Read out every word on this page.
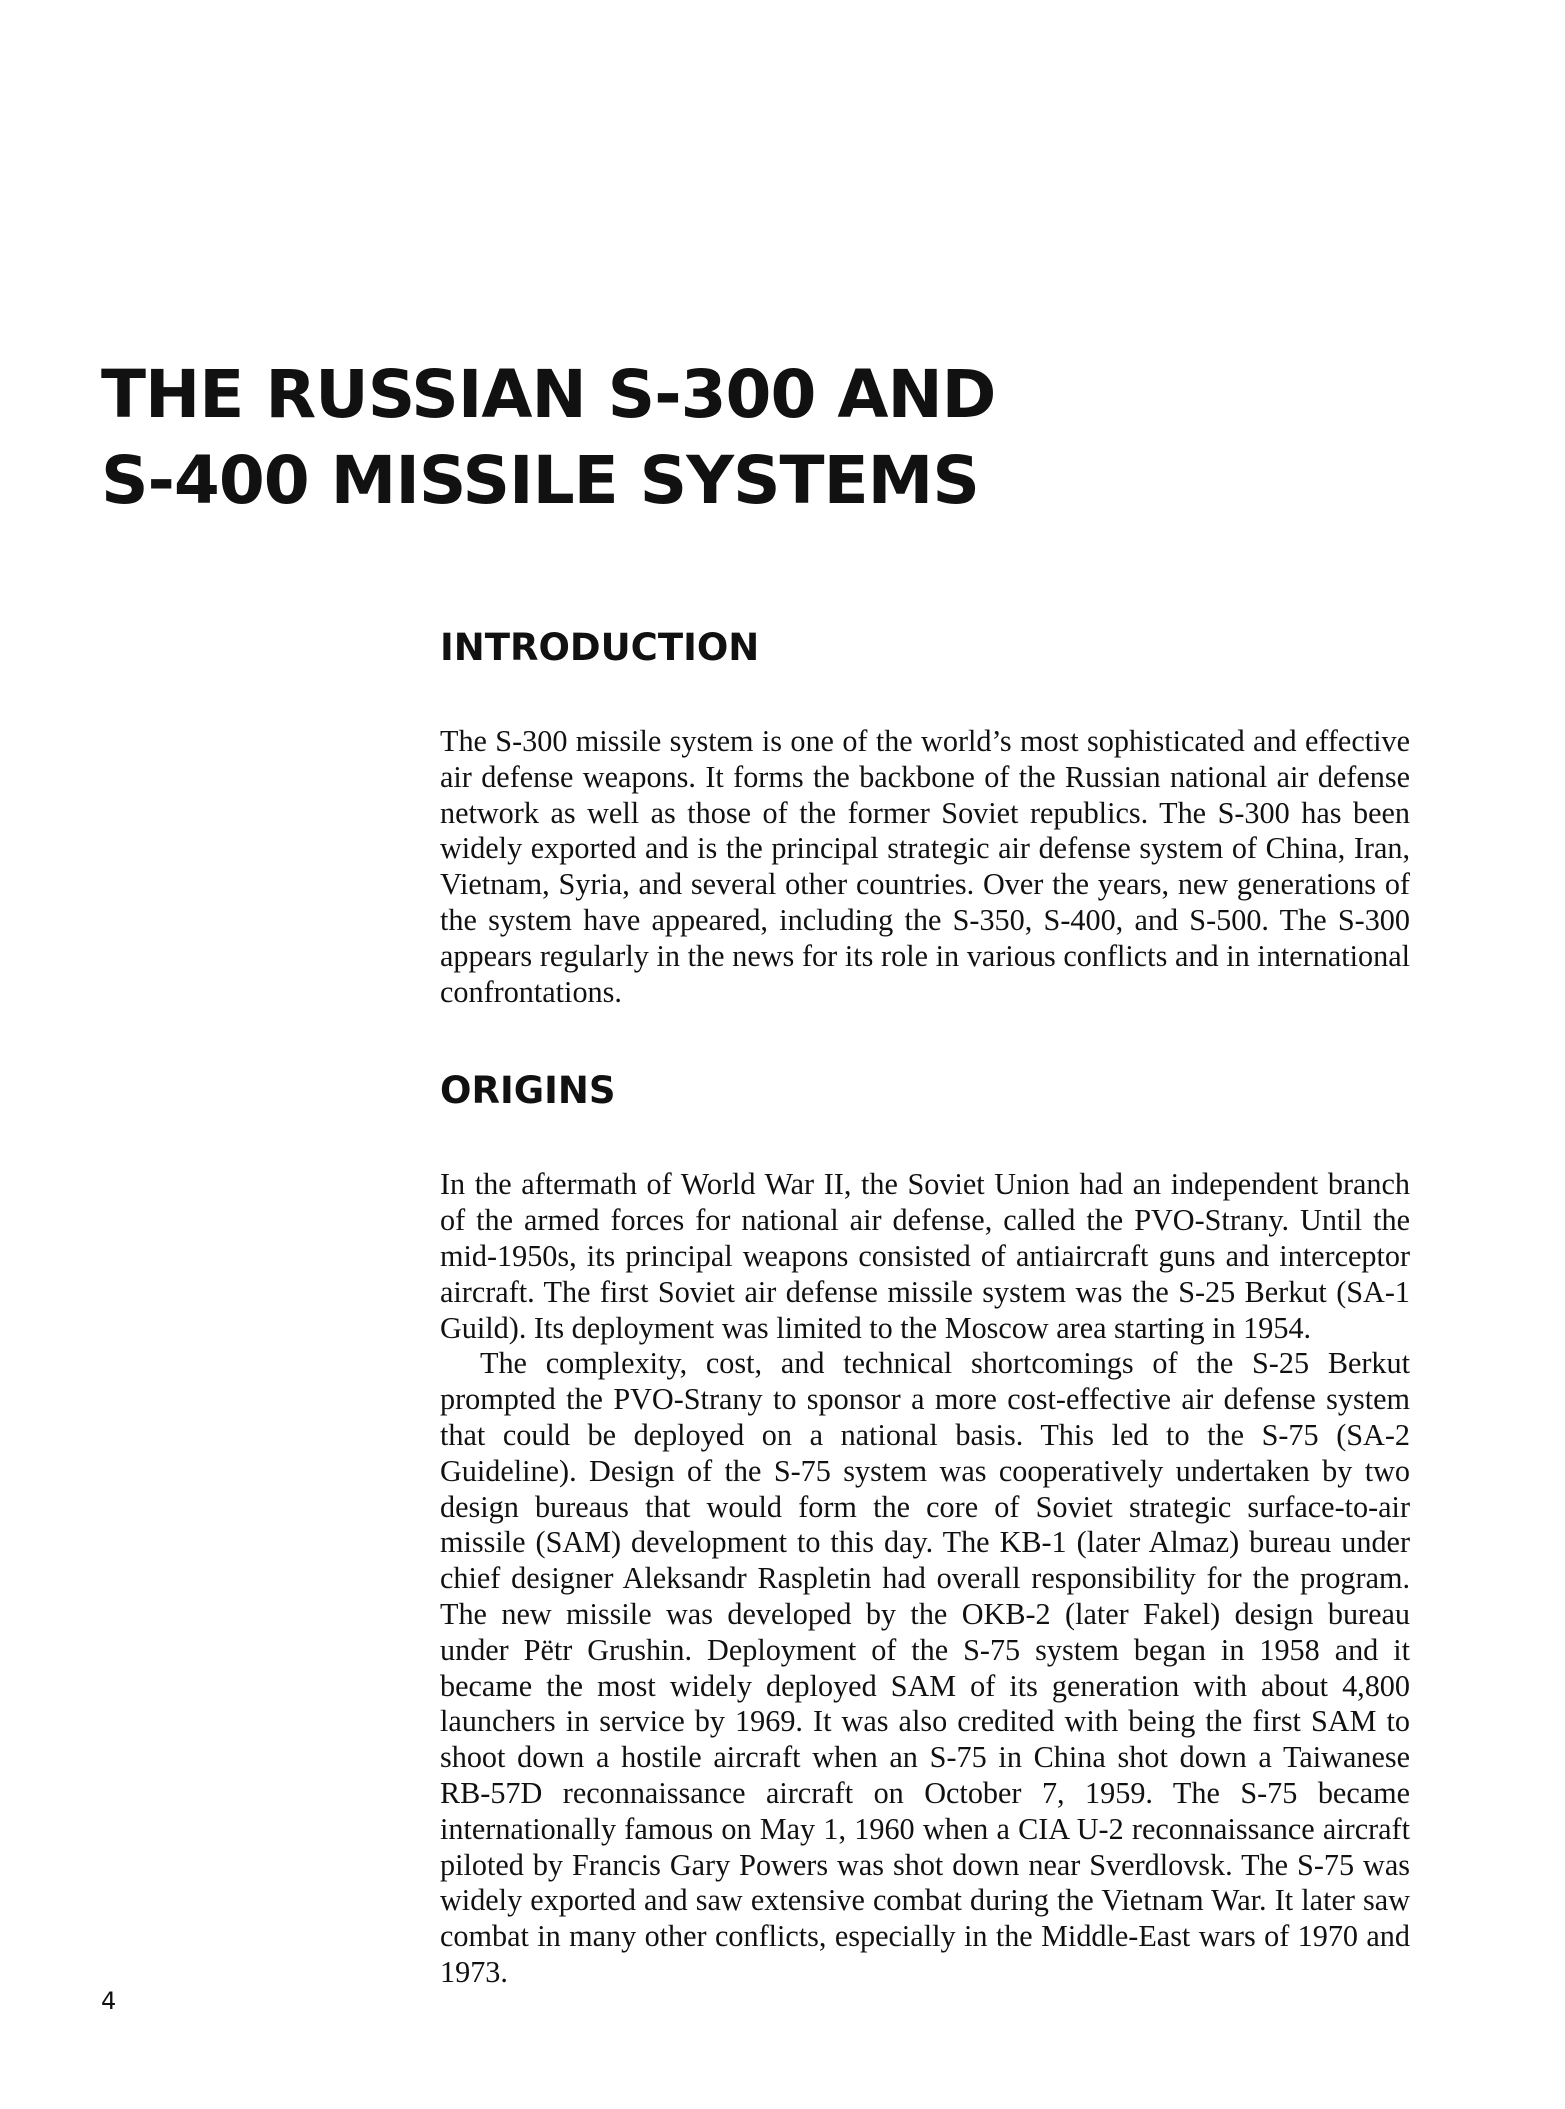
THE RUSSIAN S-300 AND
S-400 MISSILE SYSTEMS
INTRODUCTION

The S-300 missile system is one of the world’s most sophisticated and effective air defense weapons. It forms the backbone of the Russian national air defense network as well as those of the former Soviet republics. The S-300 has been widely exported and is the principal strategic air defense system of China, Iran, Vietnam, Syria, and several other countries. Over the years, new generations of the system have appeared, including the S-350, S-400, and S-500. The S-300 appears regularly in the news for its role in various conflicts and in international confrontations.

ORIGINS

In the aftermath of World War II, the Soviet Union had an independent branch of the armed forces for national air defense, called the PVO-Strany. Until the mid-1950s, its principal weapons consisted of antiaircraft guns and interceptor aircraft. The first Soviet air defense missile system was the S-25 Berkut (SA-1 Guild). Its deployment was limited to the Moscow area starting in 1954.

The complexity, cost, and technical shortcomings of the S-25 Berkut prompted the PVO-Strany to sponsor a more cost-effective air defense system that could be deployed on a national basis. This led to the S-75 (SA-2 Guideline). Design of the S-75 system was cooperatively undertaken by two design bureaus that would form the core of Soviet strategic surface-to-air missile (SAM) development to this day. The KB-1 (later Almaz) bureau under chief designer Aleksandr Raspletin had overall responsibility for the program. The new missile was developed by the OKB-2 (later Fakel) design bureau under Pëtr Grushin. Deployment of the S-75 system began in 1958 and it became the most widely deployed SAM of its generation with about 4,800 launchers in service by 1969. It was also credited with being the first SAM to shoot down a hostile aircraft when an S-75 in China shot down a Taiwanese RB-57D reconnaissance aircraft on October 7, 1959. The S-75 became internationally famous on May 1, 1960 when a CIA U-2 reconnaissance aircraft piloted by Francis Gary Powers was shot down near Sverdlovsk. The S-75 was widely exported and saw extensive combat during the Vietnam War. It later saw combat in many other conflicts, especially in the Middle-East wars of 1970 and 1973.

4
